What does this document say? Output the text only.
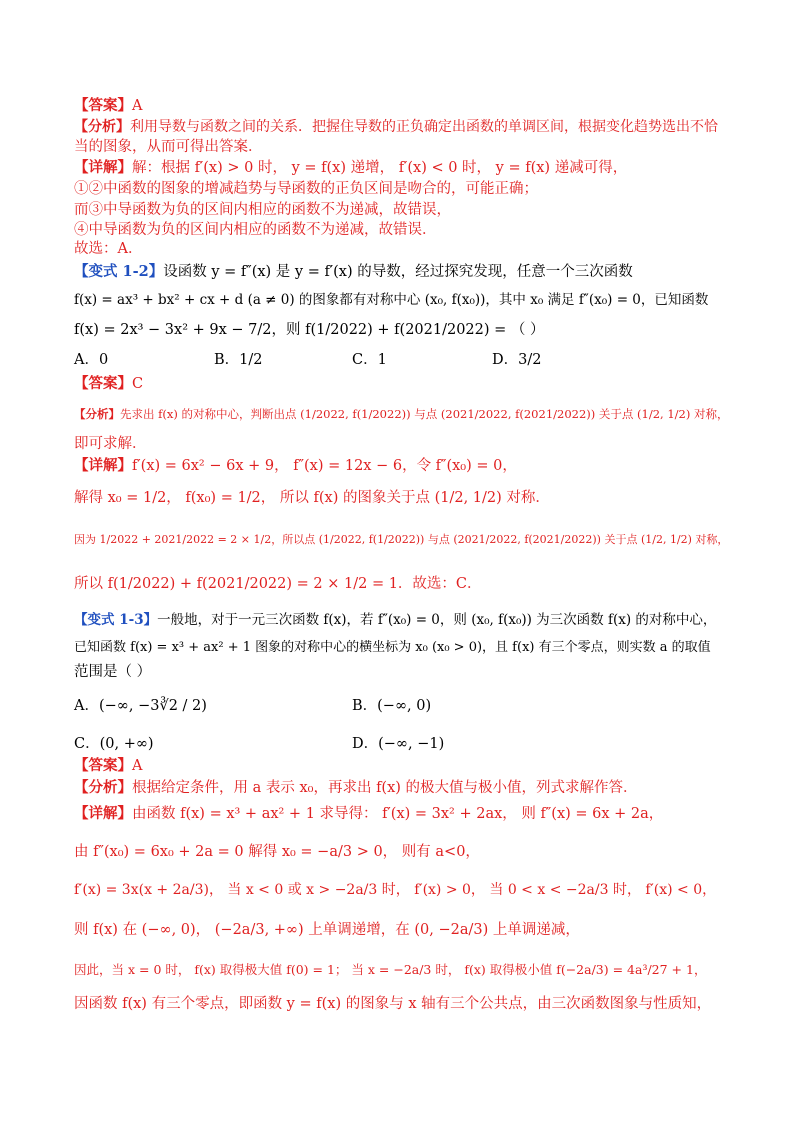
【答案】A
【分析】利用导数与函数之间的关系．把握住导数的正负确定出函数的单调区间，根据变化趋势选出不恰
当的图象，从而可得出答案．
【详解】解：根据 f′(x) > 0 时， y = f(x) 递增， f′(x) < 0 时， y = f(x) 递减可得，
①②中函数的图象的增减趋势与导函数的正负区间是吻合的，可能正确；
而③中导函数为负的区间内相应的函数不为递减，故错误，
④中导函数为负的区间内相应的函数不为递减，故错误．
故选：A．
【变式 1-2】设函数 y = f″(x) 是 y = f′(x) 的导数，经过探究发现，任意一个三次函数
f(x) = ax³ + bx² + cx + d (a ≠ 0) 的图象都有对称中心 (x₀, f(x₀))，其中 x₀ 满足 f″(x₀) = 0，已知函数
f(x) = 2x³ − 3x² + 9x − 7/2，则 f(1/2022) + f(2021/2022) = （ ）
A．0	B．1/2	C．1	D．3/2
【答案】C
【分析】先求出 f(x) 的对称中心，判断出点 (1/2022, f(1/2022)) 与点 (2021/2022, f(2021/2022)) 关于点 (1/2, 1/2) 对称，
即可求解．
【详解】f′(x) = 6x² − 6x + 9， f″(x) = 12x − 6，令 f″(x₀) = 0，
解得 x₀ = 1/2， f(x₀) = 1/2， 所以 f(x) 的图象关于点 (1/2, 1/2) 对称．
因为 1/2022 + 2021/2022 = 2 × 1/2，所以点 (1/2022, f(1/2022)) 与点 (2021/2022, f(2021/2022)) 关于点 (1/2, 1/2) 对称，
所以 f(1/2022) + f(2021/2022) = 2 × 1/2 = 1．故选：C．
【变式 1-3】一般地，对于一元三次函数 f(x)，若 f″(x₀) = 0，则 (x₀, f(x₀)) 为三次函数 f(x) 的对称中心，
已知函数 f(x) = x³ + ax² + 1 图象的对称中心的横坐标为 x₀ (x₀ > 0)，且 f(x) 有三个零点，则实数 a 的取值
范围是（ ）
A．(−∞, −3∛2 / 2)	B．(−∞, 0)
C．(0, +∞)	D．(−∞, −1)
【答案】A
【分析】根据给定条件，用 a 表示 x₀，再求出 f(x) 的极大值与极小值，列式求解作答．
【详解】由函数 f(x) = x³ + ax² + 1 求导得： f′(x) = 3x² + 2ax， 则 f″(x) = 6x + 2a，
由 f″(x₀) = 6x₀ + 2a = 0 解得 x₀ = −a/3 > 0， 则有 a<0，
f′(x) = 3x(x + 2a/3)， 当 x < 0 或 x > −2a/3 时， f′(x) > 0， 当 0 < x < −2a/3 时， f′(x) < 0，
则 f(x) 在 (−∞, 0)， (−2a/3, +∞) 上单调递增，在 (0, −2a/3) 上单调递减，
因此，当 x = 0 时， f(x) 取得极大值 f(0) = 1； 当 x = −2a/3 时， f(x) 取得极小值 f(−2a/3) = 4a³/27 + 1，
因函数 f(x) 有三个零点，即函数 y = f(x) 的图象与 x 轴有三个公共点，由三次函数图象与性质知，
